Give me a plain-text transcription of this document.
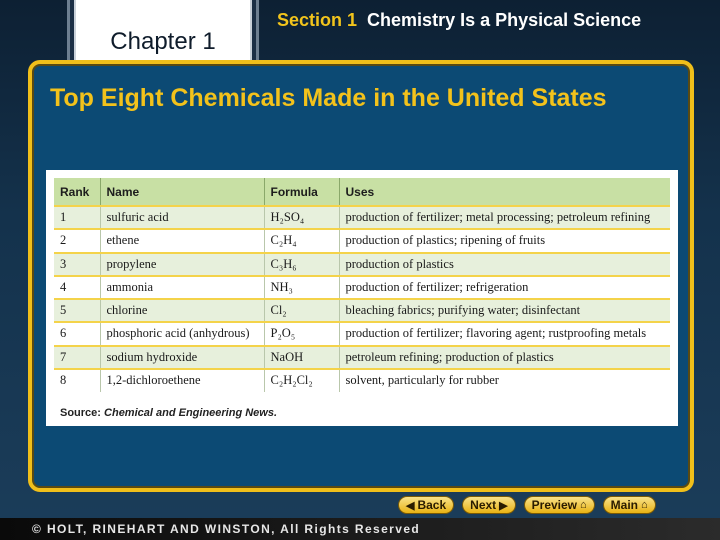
Chapter 1
Section 1 Chemistry Is a Physical Science
Top Eight Chemicals Made in the United States
Rank	Name	Formula	Uses
1	sulfuric acid	H₂SO₄	production of fertilizer; metal processing; petroleum refining
2	ethene	C₂H₄	production of plastics; ripening of fruits
3	propylene	C₃H₆	production of plastics
4	ammonia	NH₃	production of fertilizer; refrigeration
5	chlorine	Cl₂	bleaching fabrics; purifying water; disinfectant
6	phosphoric acid (anhydrous)	P₂O₅	production of fertilizer; flavoring agent; rustproofing metals
7	sodium hydroxide	NaOH	petroleum refining; production of plastics
8	1,2-dichloroethene	C₂H₂Cl₂	solvent, particularly for rubber
Source: Chemical and Engineering News.
◀ Back Next ▶ Preview ⌂ Main ⌂
© HOLT, RINEHART AND WINSTON, All Rights Reserved
